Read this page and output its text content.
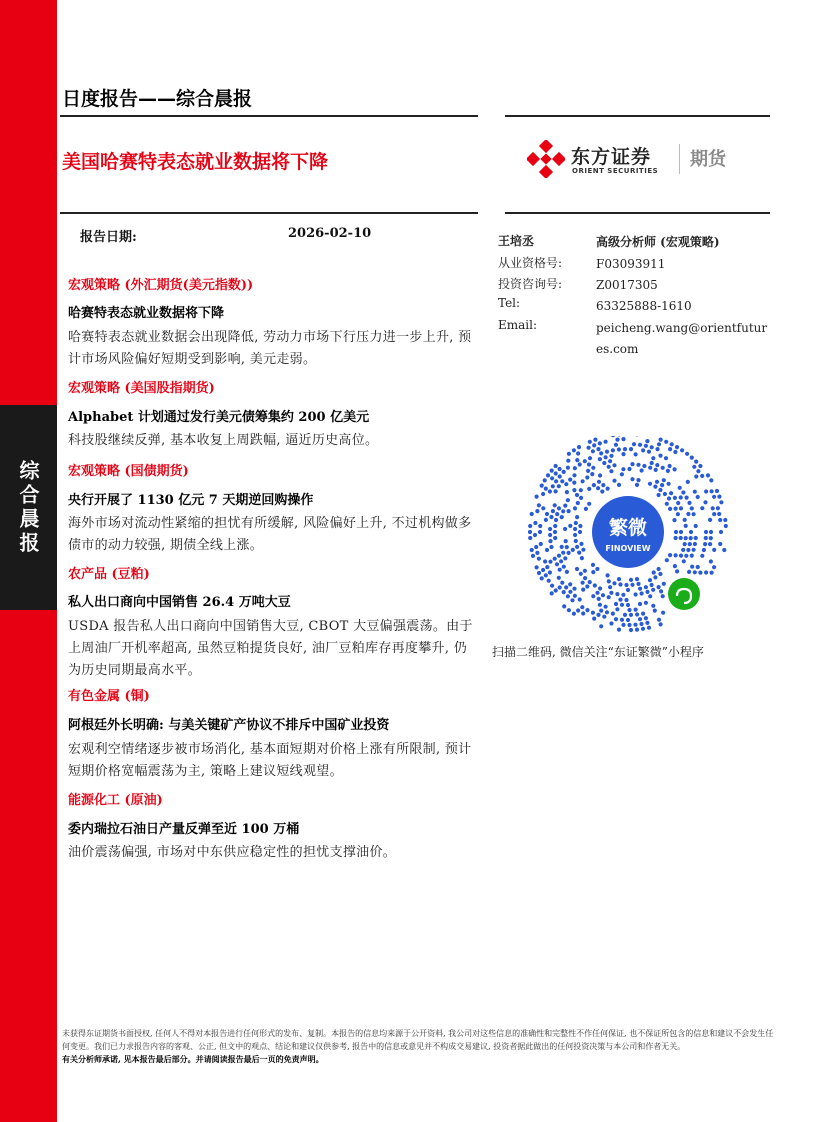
综合晨报
日度报告——综合晨报
美国哈赛特表态就业数据将下降	东方证券
ORIENT SECURITIES
期货
报告日期:	2026-02-10
宏观策略 (外汇期货(美元指数))
哈赛特表态就业数据将下降
哈赛特表态就业数据会出现降低, 劳动力市场下行压力进一步上升, 预计市场风险偏好短期受到影响, 美元走弱。
宏观策略 (美国股指期货)
Alphabet 计划通过发行美元债筹集约 200 亿美元
科技股继续反弹, 基本收复上周跌幅, 逼近历史高位。
宏观策略 (国债期货)
央行开展了 1130 亿元 7 天期逆回购操作
海外市场对流动性紧缩的担忧有所缓解, 风险偏好上升, 不过机构做多债市的动力较强, 期债全线上涨。
农产品 (豆粕)
私人出口商向中国销售 26.4 万吨大豆
USDA 报告私人出口商向中国销售大豆, CBOT 大豆偏强震荡。由于上周油厂开机率超高, 虽然豆粕提货良好, 油厂豆粕库存再度攀升, 仍为历史同期最高水平。
有色金属 (铜)
阿根廷外长明确: 与美关键矿产协议不排斥中国矿业投资
宏观利空情绪逐步被市场消化, 基本面短期对价格上涨有所限制, 预计短期价格宽幅震荡为主, 策略上建议短线观望。
能源化工 (原油)
委内瑞拉石油日产量反弹至近 100 万桶
油价震荡偏强, 市场对中东供应稳定性的担忧支撑油价。
王培丞	高级分析师 (宏观策略)
从业资格号:	F03093911
投资咨询号:	Z0017305
Tel:	63325888-1610
Email:	peicheng.wang@orientfutures.com
繁微
FINOVIEW
扫描二维码, 微信关注“东证繁微”小程序
未获得东证期货书面授权, 任何人不得对本报告进行任何形式的发布、复制。本报告的信息均来源于公开资料, 我公司对这些信息的准确性和完整性不作任何保证, 也不保证所包含的信息和建议不会发生任何变更。我们已力求报告内容的客观、公正, 但文中的观点、结论和建议仅供参考, 报告中的信息或意见并不构成交易建议, 投资者据此做出的任何投资决策与本公司和作者无关。
有关分析师承诺, 见本报告最后部分。并请阅读报告最后一页的免责声明。
